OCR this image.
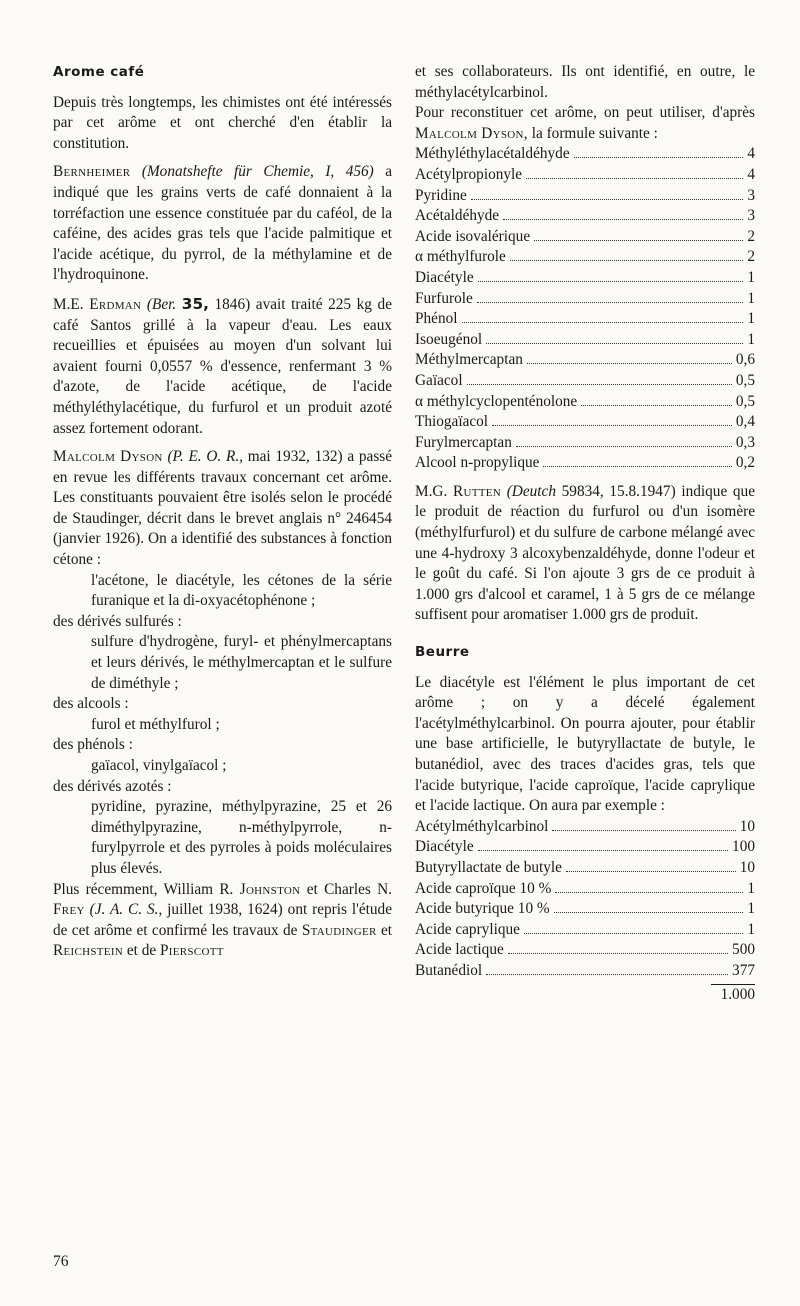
Arome café

Depuis très longtemps, les chimistes ont été intéressés par cet arôme et ont cherché d'en établir la constitution.

Bernheimer (Monatshefte für Chemie, I, 456) a indiqué que les grains verts de café donnaient à la torréfaction une essence constituée par du caféol, de la caféine, des acides gras tels que l'acide palmitique et l'acide acétique, du pyrrol, de la méthylamine et de l'hydroquinone.

M.E. Erdman (Ber. 35, 1846) avait traité 225 kg de café Santos grillé à la vapeur d'eau. Les eaux recueillies et épuisées au moyen d'un solvant lui avaient fourni 0,0557 % d'essence, renfermant 3 % d'azote, de l'acide acétique, de l'acide méthyléthylacétique, du furfurol et un produit azoté assez fortement odorant.

Malcolm Dyson (P. E. O. R., mai 1932, 132) a passé en revue les différents travaux concernant cet arôme. Les constituants pouvaient être isolés selon le procédé de Staudinger, décrit dans le brevet anglais n° 246454 (janvier 1926). On a identifié des substances à fonction cétone :

l'acétone, le diacétyle, les cétones de la série furanique et la di-oxyacétophénone ;
des dérivés sulfurés :
sulfure d'hydrogène, furyl- et phénylmercaptans et leurs dérivés, le méthylmercaptan et le sulfure de diméthyle ;
des alcools :
furol et méthylfurol ;
des phénols :
gaïacol, vinylgaïacol ;
des dérivés azotés :
pyridine, pyrazine, méthylpyrazine, 25 et 26 diméthylpyrazine, n-méthylpyrrole, n-furylpyrrole et des pyrroles à poids moléculaires plus élevés.

Plus récemment, William R. Johnston et Charles N. Frey (J. A. C. S., juillet 1938, 1624) ont repris l'étude de cet arôme et confirmé les travaux de Staudinger et Reichstein et de Pierscott

et ses collaborateurs. Ils ont identifié, en outre, le méthylacétylcarbinol.

Pour reconstituer cet arôme, on peut utiliser, d'après Malcolm Dyson, la formule suivante :

Méthyléthylacétaldéhyde	4
Acétylpropionyle	4
Pyridine	3
Acétaldéhyde	3
Acide isovalérique	2
α méthylfurole	2
Diacétyle	1
Furfurole	1
Phénol	1
Isoeugénol	1
Méthylmercaptan	0,6
Gaïacol	0,5
α méthylcyclopenténolone	0,5
Thiogaïacol	0,4
Furylmercaptan	0,3
Alcool n-propylique	0,2

M.G. Rutten (Deutch 59834, 15.8.1947) indique que le produit de réaction du furfurol ou d'un isomère (méthylfurfurol) et du sulfure de carbone mélangé avec une 4-hydroxy 3 alcoxybenzaldéhyde, donne l'odeur et le goût du café. Si l'on ajoute 3 grs de ce produit à 1.000 grs d'alcool et caramel, 1 à 5 grs de ce mélange suffisent pour aromatiser 1.000 grs de produit.

Beurre

Le diacétyle est l'élément le plus important de cet arôme ; on y a décelé également l'acétylméthylcarbinol. On pourra ajouter, pour établir une base artificielle, le butyryllactate de butyle, le butanédiol, avec des traces d'acides gras, tels que l'acide butyrique, l'acide caproïque, l'acide caprylique et l'acide lactique. On aura par exemple :

Acétylméthylcarbinol	10
Diacétyle	100
Butyryllactate de butyle	10
Acide caproïque 10 %	1
Acide butyrique 10 %	1
Acide caprylique	1
Acide lactique	500
Butanédiol	377
1.000
76
